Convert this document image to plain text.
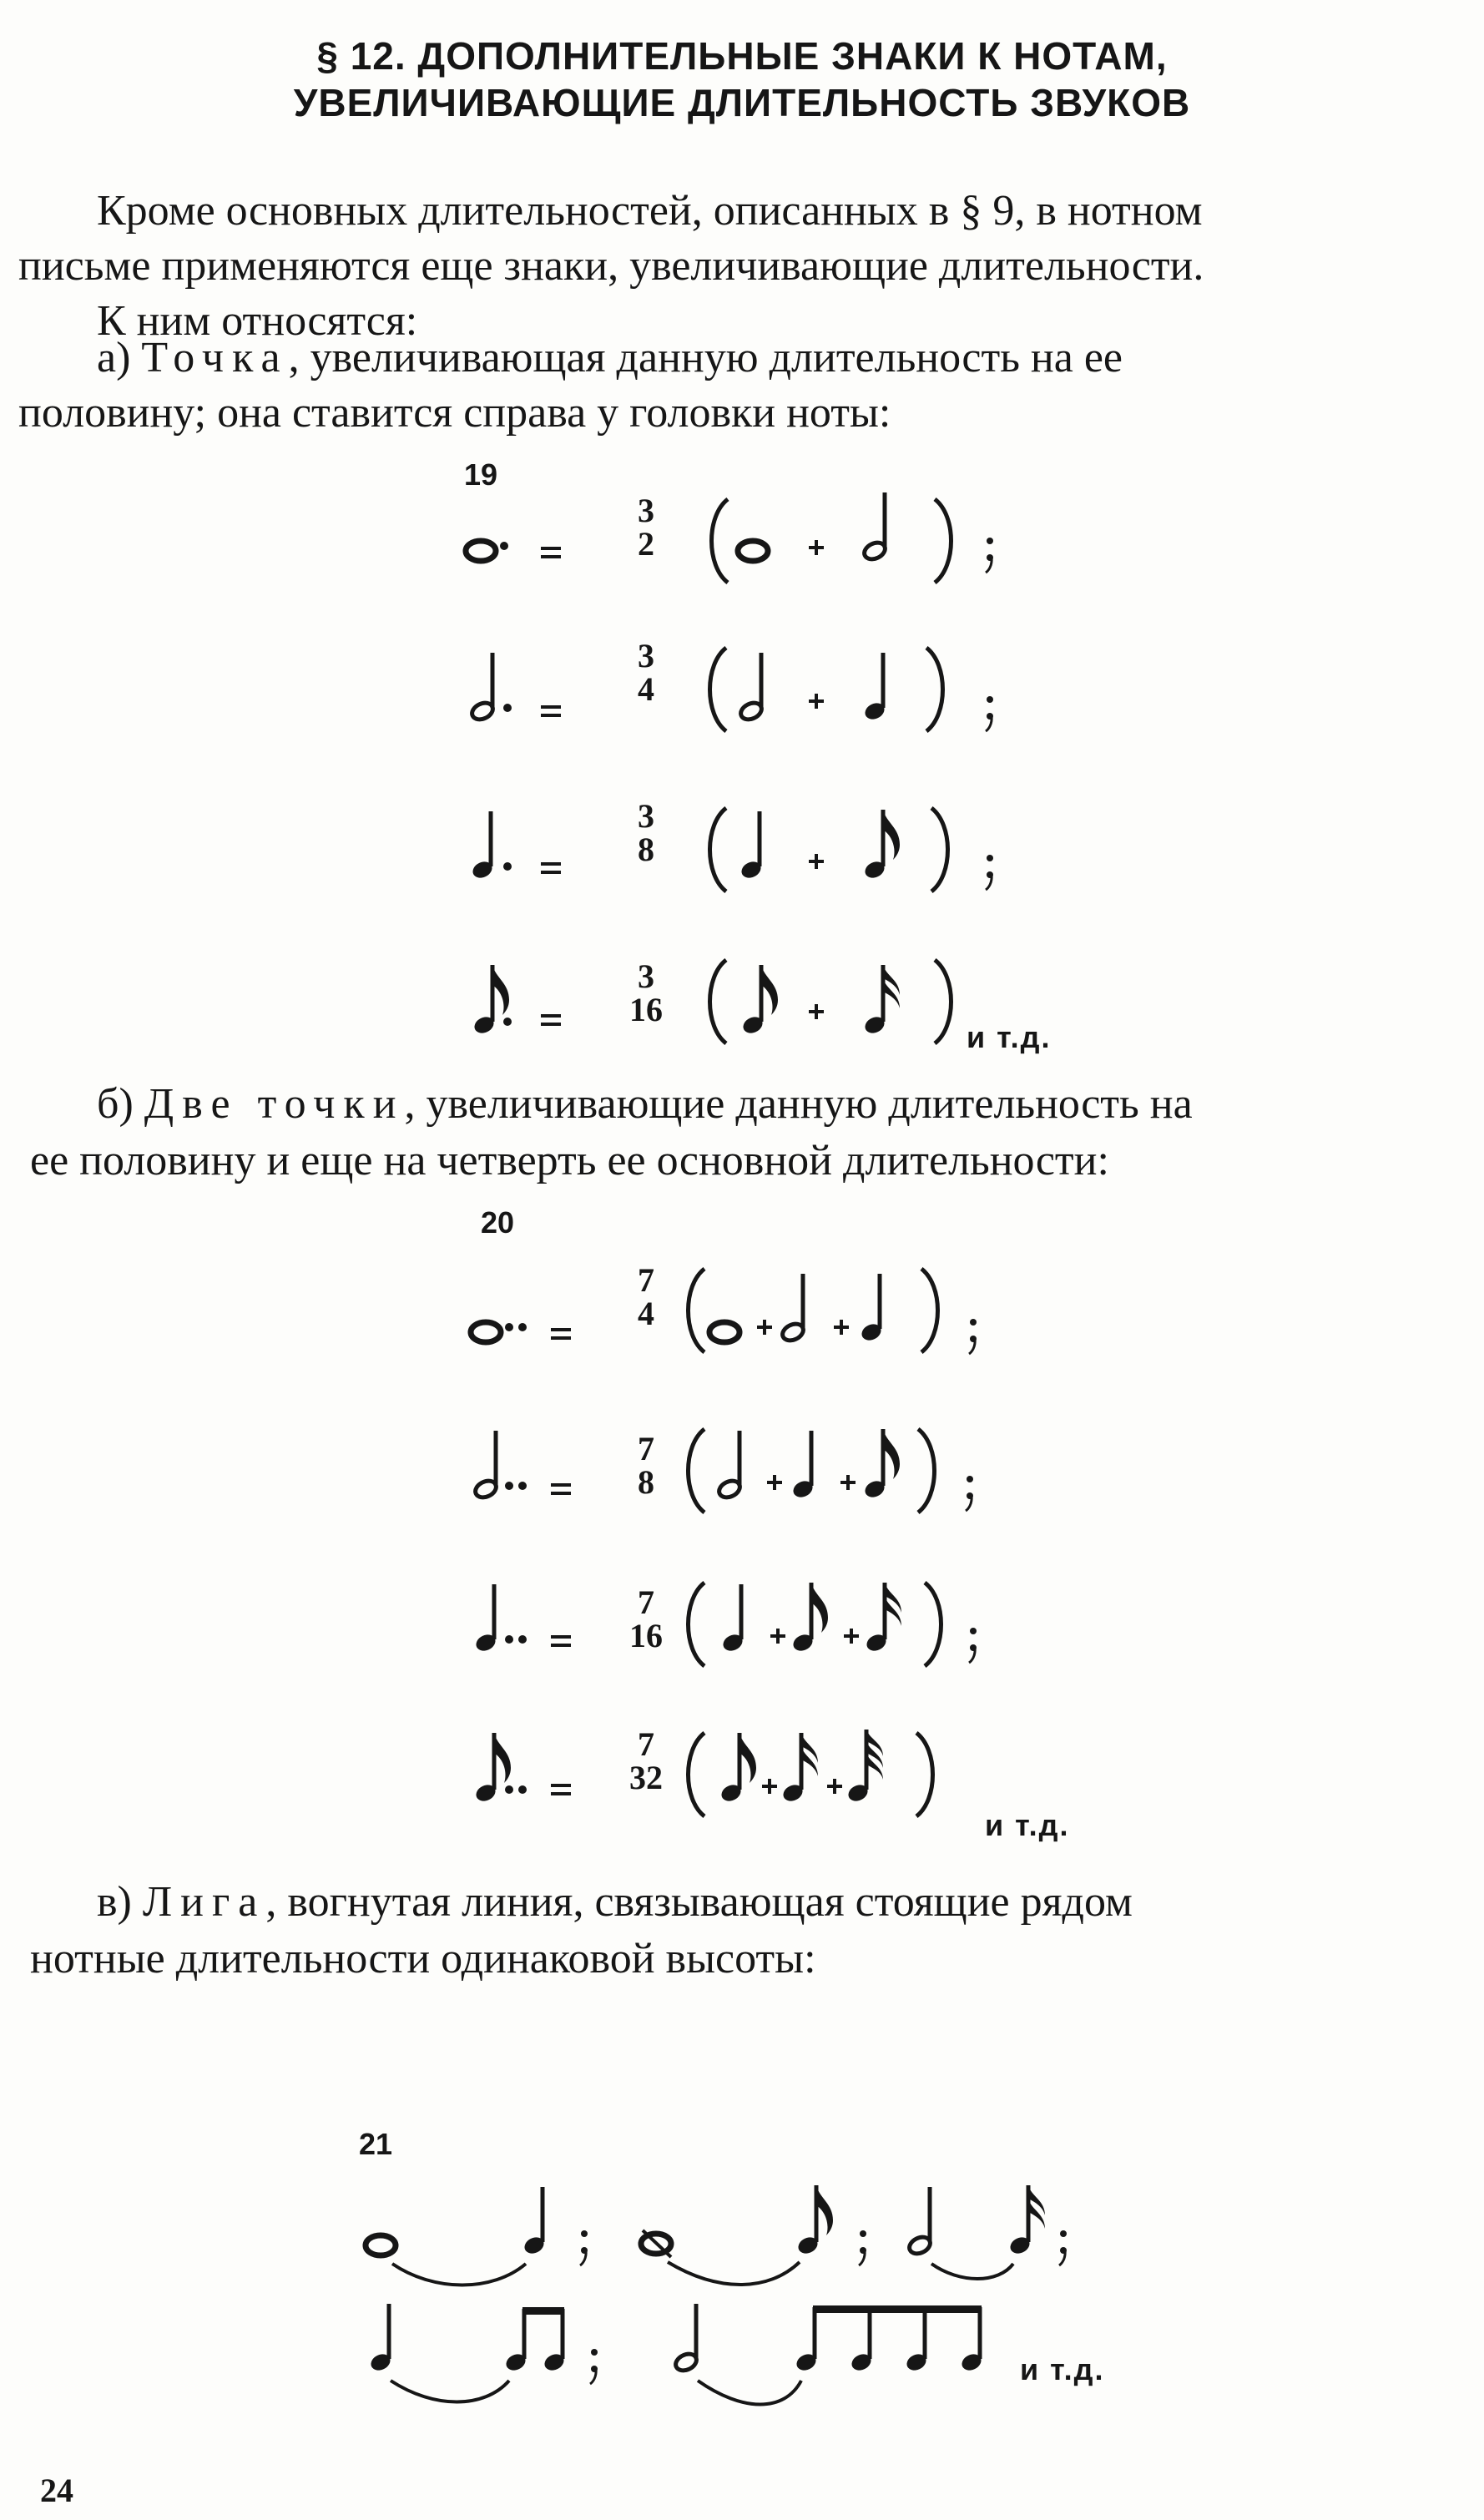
§ 12. ДОПОЛНИТЕЛЬНЫЕ ЗНАКИ К НОТАМ,
УВЕЛИЧИВАЮЩИЕ ДЛИТЕЛЬНОСТЬ ЗВУКОВ
Кроме основных длительностей, описанных в § 9, в нотном
письме применяются еще знаки, увеличивающие длительности.
К ним относятся:
а) Точка, увеличивающая данную длительность на ее
половину; она ставится справа у головки ноты:
19
3
2
3
4
3
8
3
16
и т.д.
б) Две точки, увеличивающие данную длительность на
ее половину и еще на четверть ее основной длительности:
20
7
4
7
8
7
16
7
32
и т.д.
в) Лига, вогнутая линия, связывающая стоящие рядом
нотные длительности одинаковой высоты:
21
и т.д.
24
